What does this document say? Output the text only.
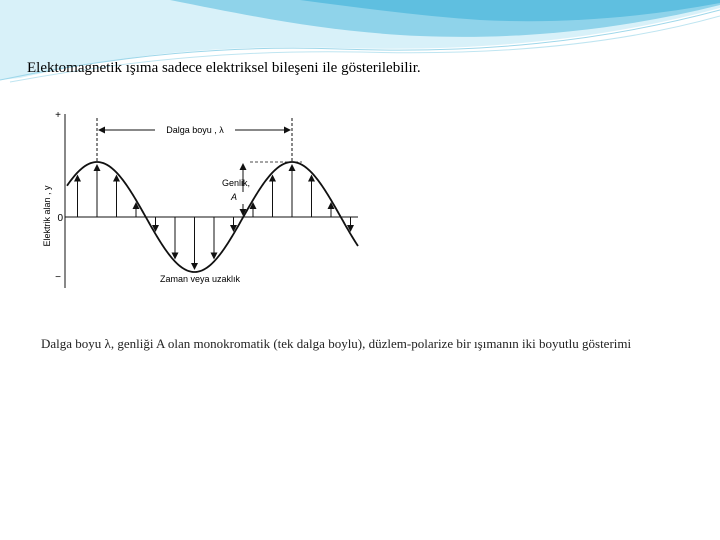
Elektomagnetik ışıma sadece elektriksel bileşeni ile gösterilebilir.
+
0
−
Elektrik alan , y
Dalga boyu , λ
Genlik,
A
Zaman veya uzaklık
Dalga boyu λ, genliği A olan monokromatik (tek dalga boylu), düzlem-polarize bir ışımanın iki boyutlu gösterimi
